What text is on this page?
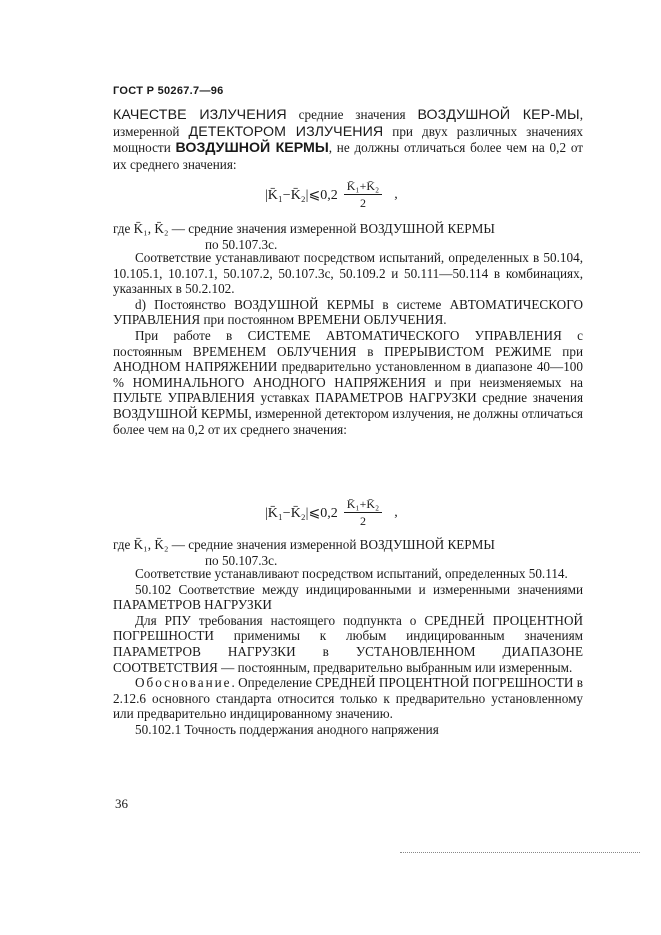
ГОСТ Р 50267.7—96
КАЧЕСТВЕ ИЗЛУЧЕНИЯ средние значения ВОЗДУШНОЙ КЕР-МЫ, измеренной ДЕТЕКТОРОМ ИЗЛУЧЕНИЯ при двух различных значениях мощности ВОЗДУШНОЙ КЕРМЫ, не должны отличаться более чем на 0,2 от их среднего значения:
|K̄₁−K̄₂|⩽0,2 $\frac{\text{K̄₁+K̄₂}}{2}$ ,
где K̄₁, K̄₂ — средние значения измеренной ВОЗДУШНОЙ КЕРМЫ
по 50.107.3с.
Соответствие устанавливают посредством испытаний, определенных в 50.104, 10.105.1, 10.107.1, 50.107.2, 50.107.3с, 50.109.2 и 50.111—50.114 в комбинациях, указанных в 50.2.102.
d) Постоянство ВОЗДУШНОЙ КЕРМЫ в системе АВТОМАТИЧЕСКОГО УПРАВЛЕНИЯ при постоянном ВРЕМЕНИ ОБЛУЧЕНИЯ.
При работе в СИСТЕМЕ АВТОМАТИЧЕСКОГО УПРАВЛЕНИЯ с постоянным ВРЕМЕНЕМ ОБЛУЧЕНИЯ в ПРЕРЫВИСТОМ РЕЖИМЕ при АНОДНОМ НАПРЯЖЕНИИ предварительно установленном в диапазоне 40—100 % НОМИНАЛЬНОГО АНОДНОГО НАПРЯЖЕНИЯ и при неизменяемых на ПУЛЬТЕ УПРАВЛЕНИЯ уставках ПАРАМЕТРОВ НАГРУЗКИ средние значения ВОЗДУШНОЙ КЕРМЫ, измеренной детектором излучения, не должны отличаться более чем на 0,2 от их среднего значения:
|K̄₁−K̄₂|⩽0,2 $\frac{\text{K̄₁+K̄₂}}{2}$ ,
где K̄₁, K̄₂ — средние значения измеренной ВОЗДУШНОЙ КЕРМЫ
по 50.107.3с.
Соответствие устанавливают посредством испытаний, определенных 50.114.
50.102 Соответствие между индицированными и измеренными значениями ПАРАМЕТРОВ НАГРУЗКИ
Для РПУ требования настоящего подпункта о СРЕДНЕЙ ПРОЦЕНТНОЙ ПОГРЕШНОСТИ применимы к любым индицированным значениям ПАРАМЕТРОВ НАГРУЗКИ в УСТАНОВЛЕННОМ ДИАПАЗОНЕ СООТВЕТСТВИЯ — постоянным, предварительно выбранным или измеренным.
Обоснование. Определение СРЕДНЕЙ ПРОЦЕНТНОЙ ПОГРЕШНОСТИ в 2.12.6 основного стандарта относится только к предварительно установленному или предварительно индицированному значению.
50.102.1 Точность поддержания анодного напряжения
36
